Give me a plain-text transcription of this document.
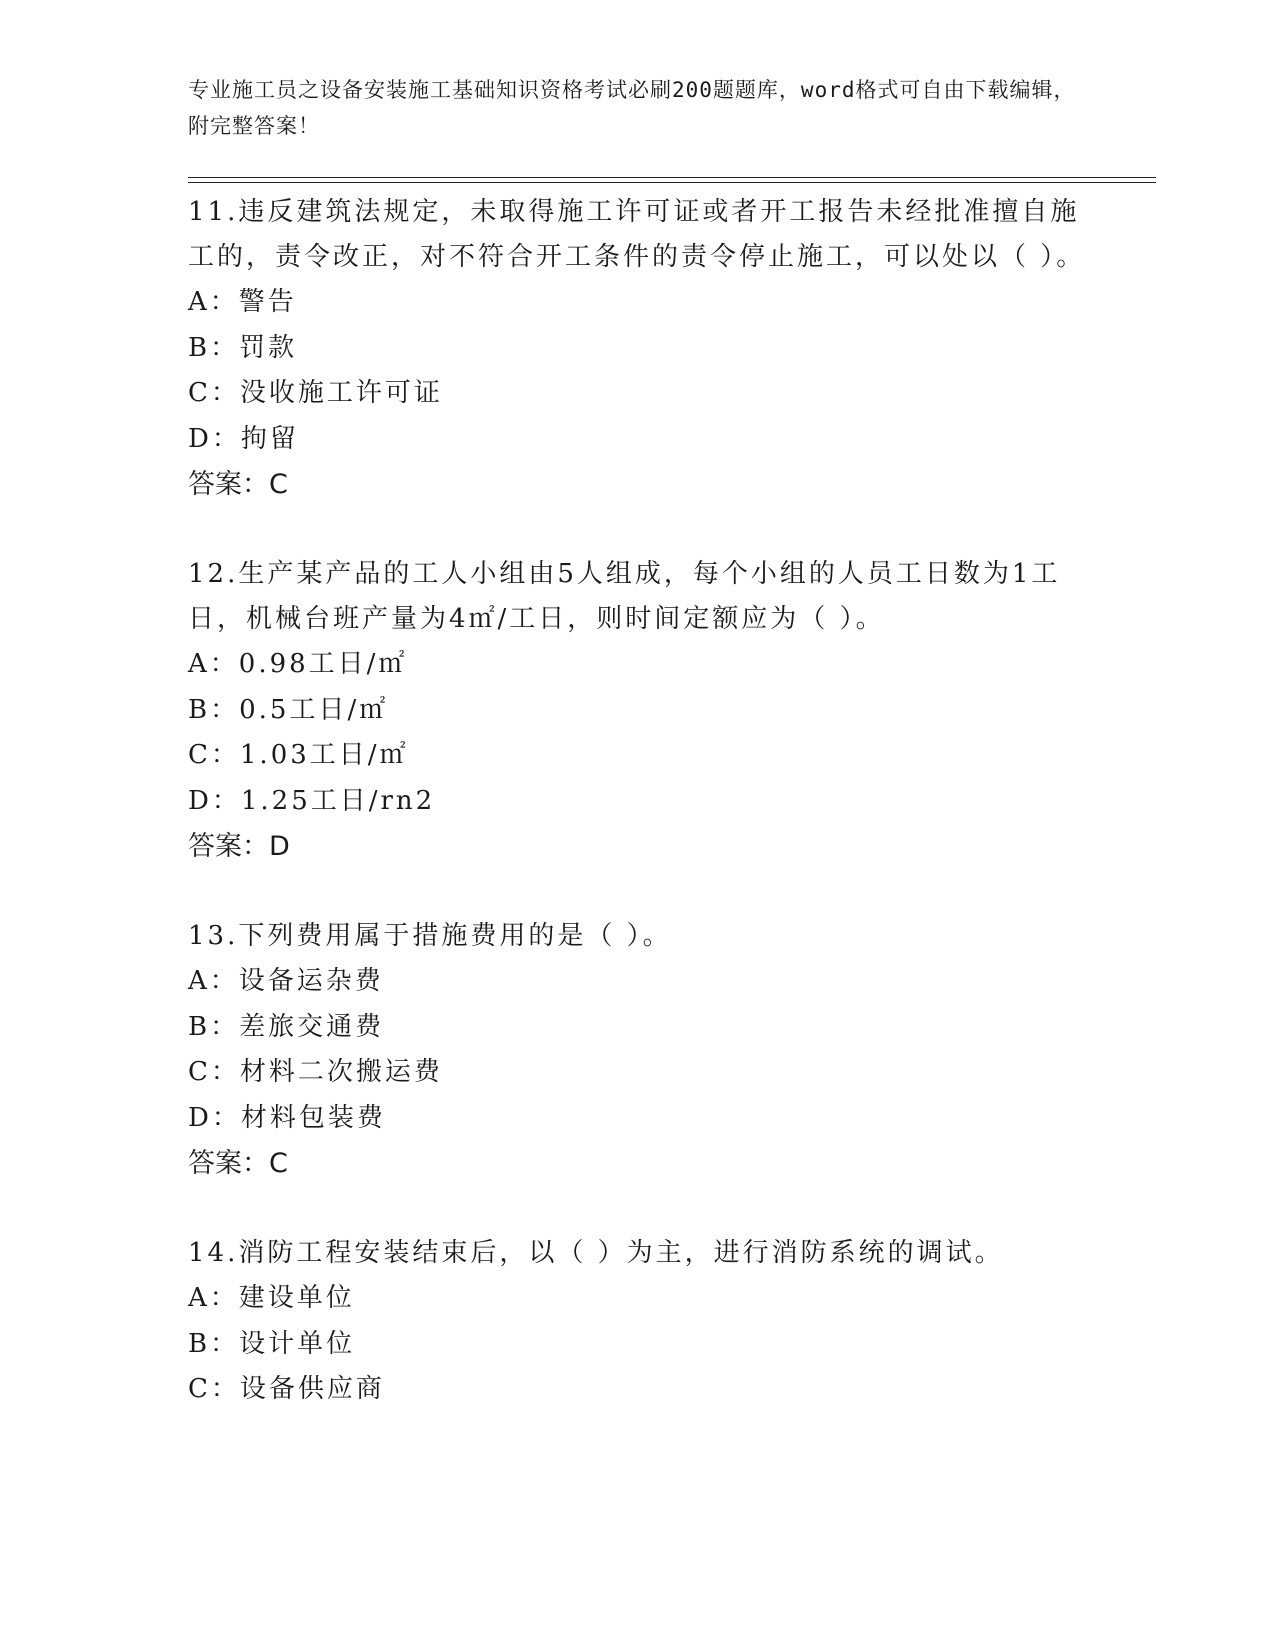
专业施工员之设备安装施工基础知识资格考试必刷200题题库，word格式可自由下载编辑，附完整答案！

11.违反建筑法规定，未取得施工许可证或者开工报告未经批准擅自施工的，责令改正，对不符合开工条件的责令停止施工，可以处以（ ）。

A：警告

B：罚款

C：没收施工许可证

D：拘留

答案：C

12.生产某产品的工人小组由5人组成，每个小组的人员工日数为1工日，机械台班产量为4㎡/工日，则时间定额应为（ ）。

A：0.98工日/㎡

B：0.5工日/㎡

C：1.03工日/㎡

D：1.25工日/rn2

答案：D

13.下列费用属于措施费用的是（ ）。

A：设备运杂费

B：差旅交通费

C：材料二次搬运费

D：材料包装费

答案：C

14.消防工程安装结束后，以（ ）为主，进行消防系统的调试。

A：建设单位

B：设计单位

C：设备供应商
